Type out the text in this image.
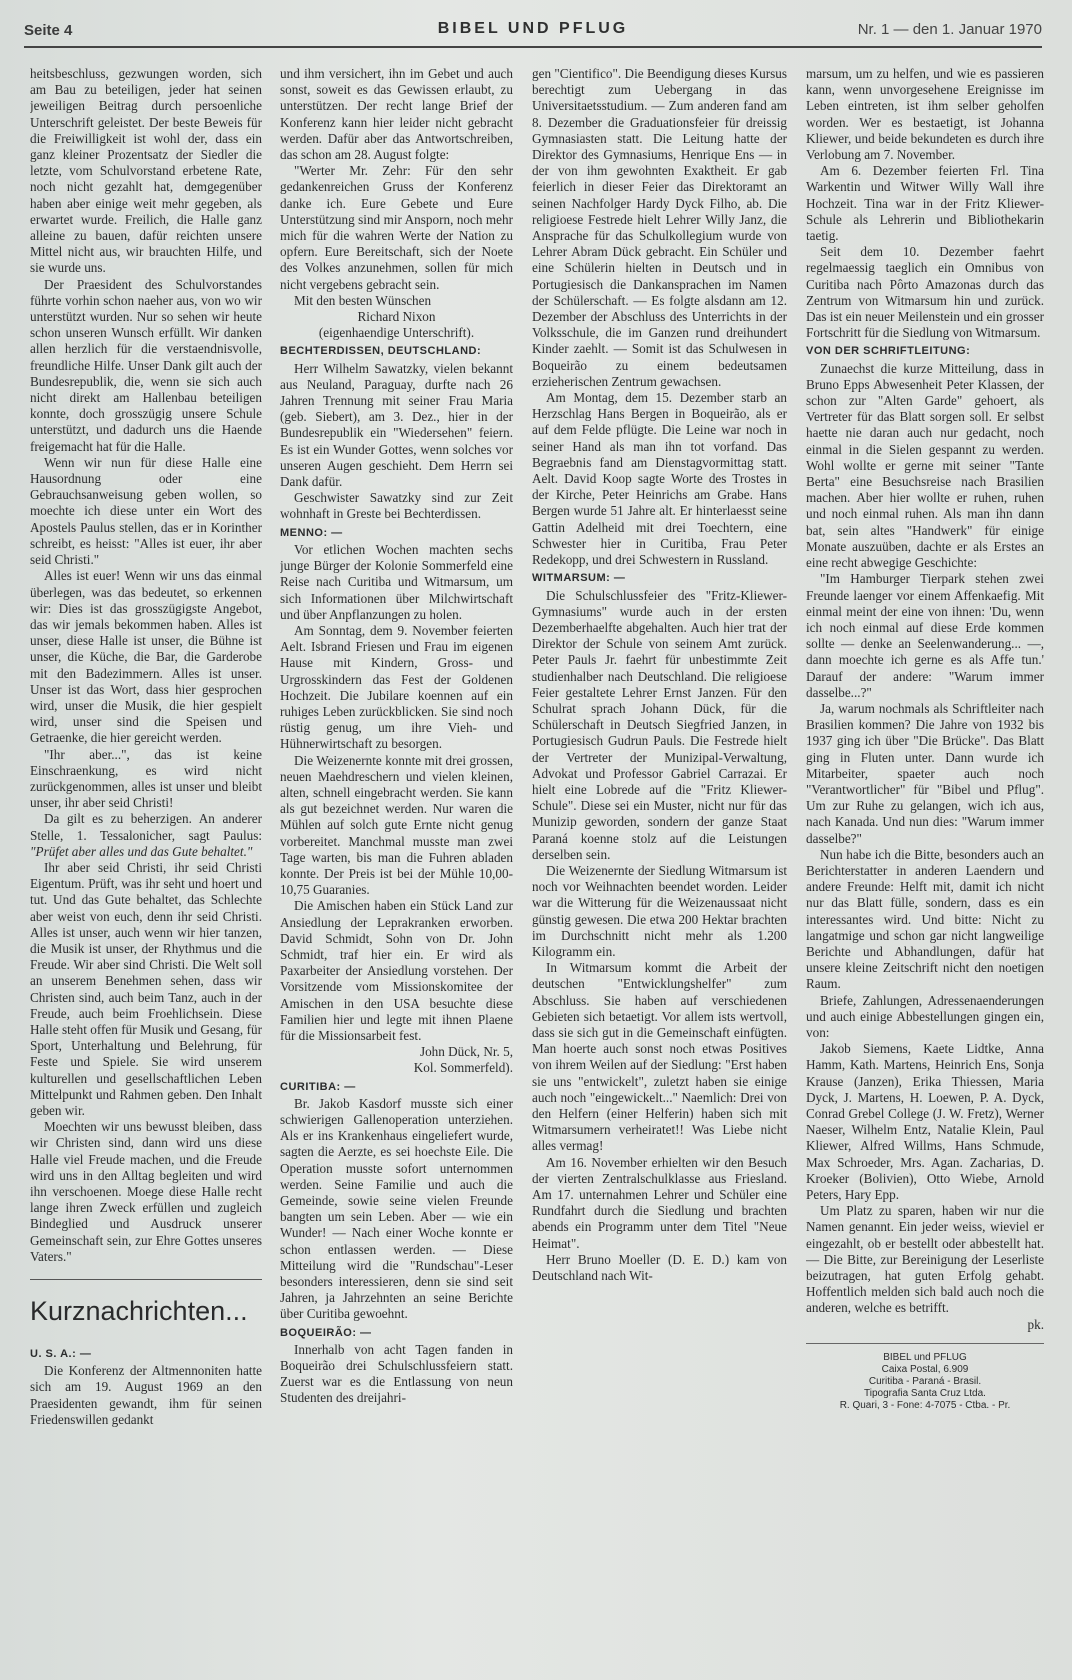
Seite 4	BIBEL UND PFLUG	Nr. 1 — den 1. Januar 1970

heitsbeschluss, gezwungen worden, sich am Bau zu beteiligen, jeder hat seinen jeweiligen Beitrag durch persoenliche Unterschrift geleistet. Der beste Beweis für die Freiwilligkeit ist wohl der, dass ein ganz kleiner Prozentsatz der Siedler die letzte, vom Schulvorstand erbetene Rate, noch nicht gezahlt hat, demgegenüber haben aber einige weit mehr gegeben, als erwartet wurde. Freilich, die Halle ganz alleine zu bauen, dafür reichten unsere Mittel nicht aus, wir brauchten Hilfe, und sie wurde uns.

Der Praesident des Schulvorstandes führte vorhin schon naeher aus, von wo wir unterstützt wurden. Nur so sehen wir heute schon unseren Wunsch erfüllt. Wir danken allen herzlich für die verstaendnisvolle, freundliche Hilfe. Unser Dank gilt auch der Bundesrepublik, die, wenn sie sich auch nicht direkt am Hallenbau beteiligen konnte, doch grosszügig unsere Schule unterstützt, und dadurch uns die Haende freigemacht hat für die Halle.

Wenn wir nun für diese Halle eine Hausordnung oder eine Gebrauchsanweisung geben wollen, so moechte ich diese unter ein Wort des Apostels Paulus stellen, das er in Korinther schreibt, es heisst: "Alles ist euer, ihr aber seid Christi."

Alles ist euer! Wenn wir uns das einmal überlegen, was das bedeutet, so erkennen wir: Dies ist das grosszügigste Angebot, das wir jemals bekommen haben. Alles ist unser, diese Halle ist unser, die Bühne ist unser, die Küche, die Bar, die Garderobe mit den Badezimmern. Alles ist unser. Unser ist das Wort, dass hier gesprochen wird, unser die Musik, die hier gespielt wird, unser sind die Speisen und Getraenke, die hier gereicht werden.

"Ihr aber...", das ist keine Einschraenkung, es wird nicht zurückgenommen, alles ist unser und bleibt unser, ihr aber seid Christi!

Da gilt es zu beherzigen. An anderer Stelle, 1. Tessalonicher, sagt Paulus: "Prüfet aber alles und das Gute behaltet."

Ihr aber seid Christi, ihr seid Christi Eigentum. Prüft, was ihr seht und hoert und tut. Und das Gute behaltet, das Schlechte aber weist von euch, denn ihr seid Christi. Alles ist unser, auch wenn wir hier tanzen, die Musik ist unser, der Rhythmus und die Freude. Wir aber sind Christi. Die Welt soll an unserem Benehmen sehen, dass wir Christen sind, auch beim Tanz, auch in der Freude, auch beim Froehlichsein. Diese Halle steht offen für Musik und Gesang, für Sport, Unterhaltung und Belehrung, für Feste und Spiele. Sie wird unserem kulturellen und gesellschaftlichen Leben Mittelpunkt und Rahmen geben. Den Inhalt geben wir.

Moechten wir uns bewusst bleiben, dass wir Christen sind, dann wird uns diese Halle viel Freude machen, und die Freude wird uns in den Alltag begleiten und wird ihn verschoenen. Moege diese Halle recht lange ihren Zweck erfüllen und zugleich Bindeglied und Ausdruck unserer Gemeinschaft sein, zur Ehre Gottes unseres Vaters."

Kurznachrichten...
U. S. A.: —

Die Konferenz der Altmennoniten hatte sich am 19. August 1969 an den Praesidenten gewandt, ihm für seinen Friedenswillen gedankt

und ihm versichert, ihn im Gebet und auch sonst, soweit es das Gewissen erlaubt, zu unterstützen. Der recht lange Brief der Konferenz kann hier leider nicht gebracht werden. Dafür aber das Antwortschreiben, das schon am 28. August folgte:

"Werter Mr. Zehr: Für den sehr gedankenreichen Gruss der Konferenz danke ich. Eure Gebete und Eure Unterstützung sind mir Ansporn, noch mehr mich für die wahren Werte der Nation zu opfern. Eure Bereitschaft, sich der Noete des Volkes anzunehmen, sollen für mich nicht vergebens gebracht sein.

Mit den besten Wünschen

Richard Nixon

(eigenhaendige Unterschrift).

BECHTERDISSEN, DEUTSCHLAND:

Herr Wilhelm Sawatzky, vielen bekannt aus Neuland, Paraguay, durfte nach 26 Jahren Trennung mit seiner Frau Maria (geb. Siebert), am 3. Dez., hier in der Bundesrepublik ein "Wiedersehen" feiern. Es ist ein Wunder Gottes, wenn solches vor unseren Augen geschieht. Dem Herrn sei Dank dafür.

Geschwister Sawatzky sind zur Zeit wohnhaft in Greste bei Bechterdissen.

MENNO: —

Vor etlichen Wochen machten sechs junge Bürger der Kolonie Sommerfeld eine Reise nach Curitiba und Witmarsum, um sich Informationen über Milchwirtschaft und über Anpflanzungen zu holen.

Am Sonntag, dem 9. November feierten Aelt. Isbrand Friesen und Frau im eigenen Hause mit Kindern, Gross- und Urgrosskindern das Fest der Goldenen Hochzeit. Die Jubilare koennen auf ein ruhiges Leben zurückblicken. Sie sind noch rüstig genug, um ihre Vieh- und Hühnerwirtschaft zu besorgen.

Die Weizenernte konnte mit drei grossen, neuen Maehdreschern und vielen kleinen, alten, schnell eingebracht werden. Sie kann als gut bezeichnet werden. Nur waren die Mühlen auf solch gute Ernte nicht genug vorbereitet. Manchmal musste man zwei Tage warten, bis man die Fuhren abladen konnte. Der Preis ist bei der Mühle 10,00-10,75 Guaranies.

Die Amischen haben ein Stück Land zur Ansiedlung der Leprakranken erworben. David Schmidt, Sohn von Dr. John Schmidt, traf hier ein. Er wird als Paxarbeiter der Ansiedlung vorstehen. Der Vorsitzende vom Missionskomitee der Amischen in den USA besuchte diese Familien hier und legte mit ihnen Plaene für die Missionsarbeit fest.

John Dück, Nr. 5,

Kol. Sommerfeld).

CURITIBA: —

Br. Jakob Kasdorf musste sich einer schwierigen Gallenoperation unterziehen. Als er ins Krankenhaus eingeliefert wurde, sagten die Aerzte, es sei hoechste Eile. Die Operation musste sofort unternommen werden. Seine Familie und auch die Gemeinde, sowie seine vielen Freunde bangten um sein Leben. Aber — wie ein Wunder! — Nach einer Woche konnte er schon entlassen werden. — Diese Mitteilung wird die "Rundschau"-Leser besonders interessieren, denn sie sind seit Jahren, ja Jahrzehnten an seine Berichte über Curitiba gewoehnt.

BOQUEIRÃO: —

Innerhalb von acht Tagen fanden in Boqueirão drei Schulschlussfeiern statt. Zuerst war es die Entlassung von neun Studenten des dreijahri-

gen "Cientifico". Die Beendigung dieses Kursus berechtigt zum Uebergang in das Universitaetsstudium. — Zum anderen fand am 8. Dezember die Graduationsfeier für dreissig Gymnasiasten statt. Die Leitung hatte der Direktor des Gymnasiums, Henrique Ens — in der von ihm gewohnten Exaktheit. Er gab feierlich in dieser Feier das Direktoramt an seinen Nachfolger Hardy Dyck Filho, ab. Die religioese Festrede hielt Lehrer Willy Janz, die Ansprache für das Schulkollegium wurde von Lehrer Abram Dück gebracht. Ein Schüler und eine Schülerin hielten in Deutsch und in Portugiesisch die Dankansprachen im Namen der Schülerschaft. — Es folgte alsdann am 12. Dezember der Abschluss des Unterrichts in der Volksschule, die im Ganzen rund dreihundert Kinder zaehlt. — Somit ist das Schulwesen in Boqueirão zu einem bedeutsamen erzieherischen Zentrum gewachsen.

Am Montag, dem 15. Dezember starb an Herzschlag Hans Bergen in Boqueirão, als er auf dem Felde pflügte. Die Leine war noch in seiner Hand als man ihn tot vorfand. Das Begraebnis fand am Dienstagvormittag statt. Aelt. David Koop sagte Worte des Trostes in der Kirche, Peter Heinrichs am Grabe. Hans Bergen wurde 51 Jahre alt. Er hinterlaesst seine Gattin Adelheid mit drei Toechtern, eine Schwester hier in Curitiba, Frau Peter Redekopp, und drei Schwestern in Russland.

WITMARSUM: —

Die Schulschlussfeier des "Fritz-Kliewer-Gymnasiums" wurde auch in der ersten Dezemberhaelfte abgehalten. Auch hier trat der Direktor der Schule von seinem Amt zurück. Peter Pauls Jr. faehrt für unbestimmte Zeit studienhalber nach Deutschland. Die religioese Feier gestaltete Lehrer Ernst Janzen. Für den Schulrat sprach Johann Dück, für die Schülerschaft in Deutsch Siegfried Janzen, in Portugiesisch Gudrun Pauls. Die Festrede hielt der Vertreter der Munizipal-Verwaltung, Advokat und Professor Gabriel Carrazai. Er hielt eine Lobrede auf die "Fritz Kliewer-Schule". Diese sei ein Muster, nicht nur für das Munizip geworden, sondern der ganze Staat Paraná koenne stolz auf die Leistungen derselben sein.

Die Weizenernte der Siedlung Witmarsum ist noch vor Weihnachten beendet worden. Leider war die Witterung für die Weizenaussaat nicht günstig gewesen. Die etwa 200 Hektar brachten im Durchschnitt nicht mehr als 1.200 Kilogramm ein.

In Witmarsum kommt die Arbeit der deutschen "Entwicklungshelfer" zum Abschluss. Sie haben auf verschiedenen Gebieten sich betaetigt. Vor allem ists wertvoll, dass sie sich gut in die Gemeinschaft einfügten. Man hoerte auch sonst noch etwas Positives von ihrem Weilen auf der Siedlung: "Erst haben sie uns "entwickelt", zuletzt haben sie einige auch noch "eingewickelt..." Naemlich: Drei von den Helfern (einer Helferin) haben sich mit Witmarsumern verheiratet!! Was Liebe nicht alles vermag!

Am 16. November erhielten wir den Besuch der vierten Zentralschulklasse aus Friesland. Am 17. unternahmen Lehrer und Schüler eine Rundfahrt durch die Siedlung und brachten abends ein Programm unter dem Titel "Neue Heimat".

Herr Bruno Moeller (D. E. D.) kam von Deutschland nach Wit-

marsum, um zu helfen, und wie es passieren kann, wenn unvorgesehene Ereignisse im Leben eintreten, ist ihm selber geholfen worden. Wer es bestaetigt, ist Johanna Kliewer, und beide bekundeten es durch ihre Verlobung am 7. November.

Am 6. Dezember feierten Frl. Tina Warkentin und Witwer Willy Wall ihre Hochzeit. Tina war in der Fritz Kliewer-Schule als Lehrerin und Bibliothekarin taetig.

Seit dem 10. Dezember faehrt regelmaessig taeglich ein Omnibus von Curitiba nach Pôrto Amazonas durch das Zentrum von Witmarsum hin und zurück. Das ist ein neuer Meilenstein und ein grosser Fortschritt für die Siedlung von Witmarsum.

VON DER SCHRIFTLEITUNG:

Zunaechst die kurze Mitteilung, dass in Bruno Epps Abwesenheit Peter Klassen, der schon zur "Alten Garde" gehoert, als Vertreter für das Blatt sorgen soll. Er selbst haette nie daran auch nur gedacht, noch einmal in die Sielen gespannt zu werden. Wohl wollte er gerne mit seiner "Tante Berta" eine Besuchsreise nach Brasilien machen. Aber hier wollte er ruhen, ruhen und noch einmal ruhen. Als man ihn dann bat, sein altes "Handwerk" für einige Monate auszuüben, dachte er als Erstes an eine recht abwegige Geschichte:

"Im Hamburger Tierpark stehen zwei Freunde laenger vor einem Affenkaefig. Mit einmal meint der eine von ihnen: 'Du, wenn ich noch einmal auf diese Erde kommen sollte — denke an Seelenwanderung... —, dann moechte ich gerne es als Affe tun.' Darauf der andere: "Warum immer dasselbe...?"

Ja, warum nochmals als Schriftleiter nach Brasilien kommen? Die Jahre von 1932 bis 1937 ging ich über "Die Brücke". Das Blatt ging in Fluten unter. Dann wurde ich Mitarbeiter, spaeter auch noch "Verantwortlicher" für "Bibel und Pflug". Um zur Ruhe zu gelangen, wich ich aus, nach Kanada. Und nun dies: "Warum immer dasselbe?"

Nun habe ich die Bitte, besonders auch an Berichterstatter in anderen Laendern und andere Freunde: Helft mit, damit ich nicht nur das Blatt fülle, sondern, dass es ein interessantes wird. Und bitte: Nicht zu langatmige und schon gar nicht langweilige Berichte und Abhandlungen, dafür hat unsere kleine Zeitschrift nicht den noetigen Raum.

Briefe, Zahlungen, Adressenaenderungen und auch einige Abbestellungen gingen ein, von:

Jakob Siemens, Kaete Lidtke, Anna Hamm, Kath. Martens, Heinrich Ens, Sonja Krause (Janzen), Erika Thiessen, Maria Dyck, J. Martens, H. Loewen, P. A. Dyck, Conrad Grebel College (J. W. Fretz), Werner Naeser, Wilhelm Entz, Natalie Klein, Paul Kliewer, Alfred Willms, Hans Schmude, Max Schroeder, Mrs. Agan. Zacharias, D. Kroeker (Bolivien), Otto Wiebe, Arnold Peters, Hary Epp.

Um Platz zu sparen, haben wir nur die Namen genannt. Ein jeder weiss, wieviel er eingezahlt, ob er bestellt oder abbestellt hat. — Die Bitte, zur Bereinigung der Leserliste beizutragen, hat guten Erfolg gehabt. Hoffentlich melden sich bald auch noch die anderen, welche es betrifft.

pk.

BIBEL und PFLUG
Caixa Postal, 6.909
Curitiba - Paraná - Brasil.
Tipografia Santa Cruz Ltda.
R. Quari, 3 - Fone: 4-7075 - Ctba. - Pr.
